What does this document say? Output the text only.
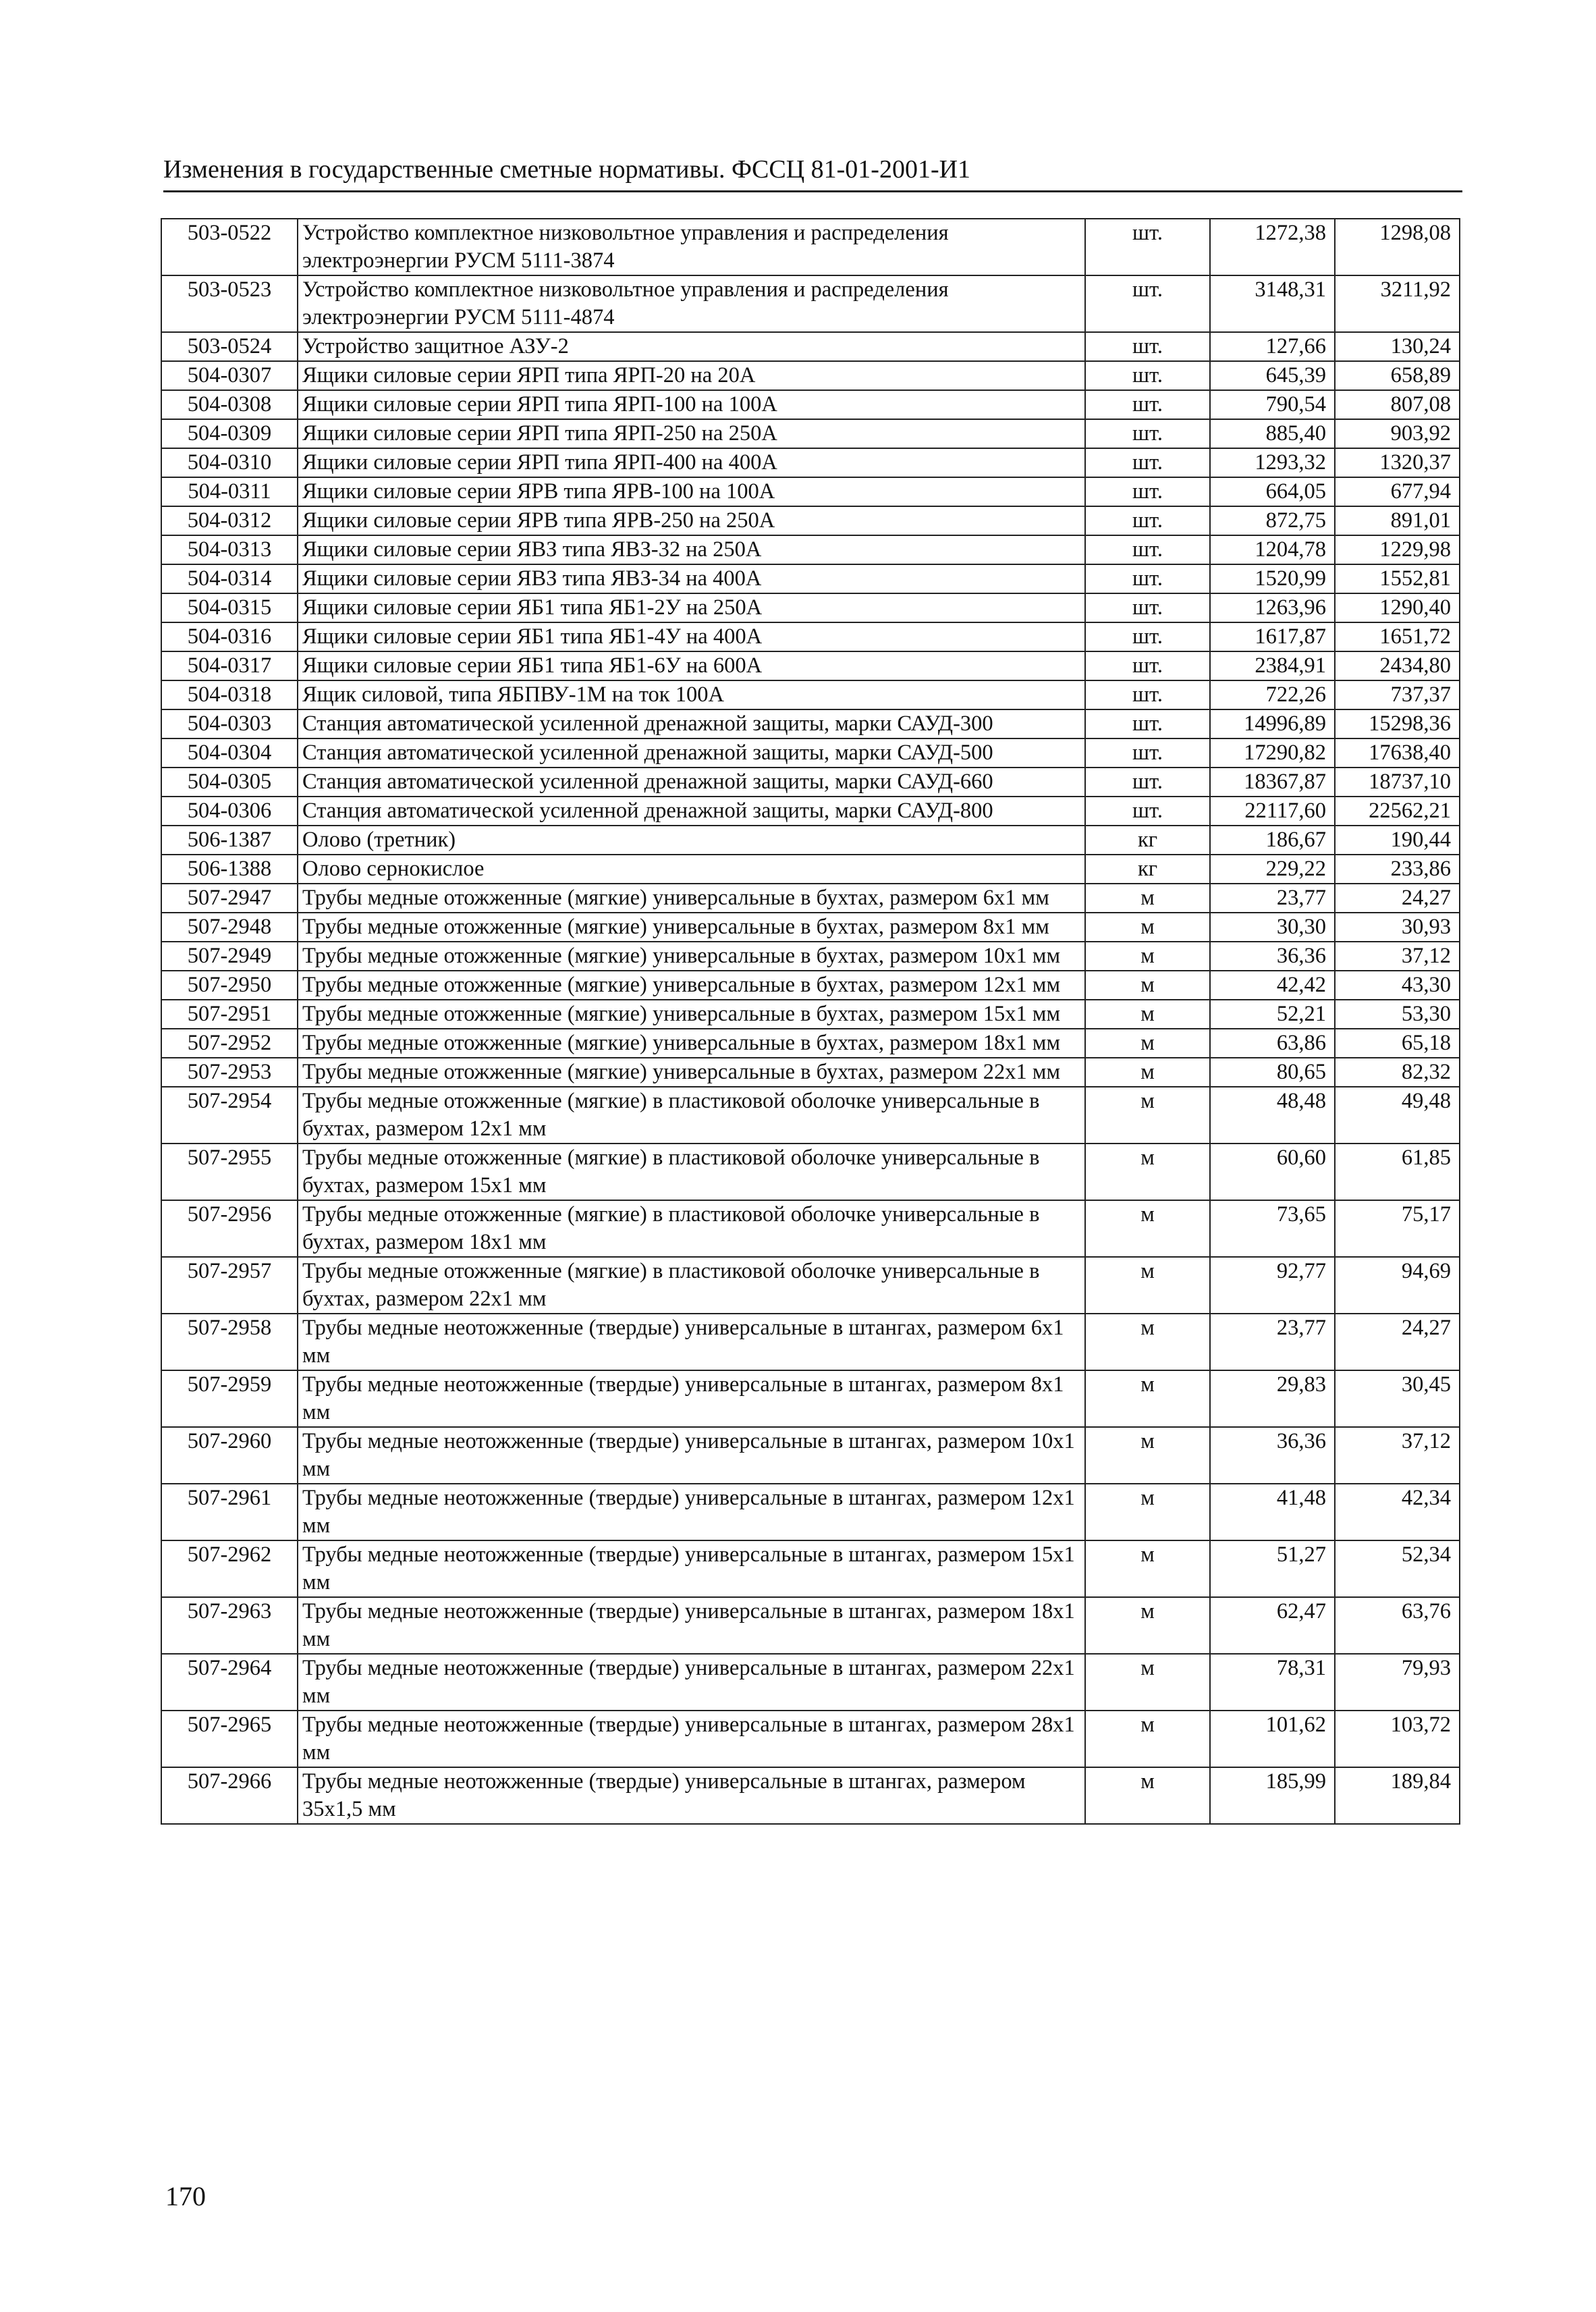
Изменения в государственные сметные нормативы. ФССЦ 81-01-2001-И1
503-0522	Устройство комплектное низковольтное управления и распределения электроэнергии РУСМ 5111-3874	шт.	1272,38	1298,08
503-0523	Устройство комплектное низковольтное управления и распределения электроэнергии РУСМ 5111-4874	шт.	3148,31	3211,92
503-0524	Устройство защитное АЗУ-2	шт.	127,66	130,24
504-0307	Ящики силовые серии ЯРП типа ЯРП-20 на 20А	шт.	645,39	658,89
504-0308	Ящики силовые серии ЯРП типа ЯРП-100 на 100А	шт.	790,54	807,08
504-0309	Ящики силовые серии ЯРП типа ЯРП-250 на 250А	шт.	885,40	903,92
504-0310	Ящики силовые серии ЯРП типа ЯРП-400 на 400А	шт.	1293,32	1320,37
504-0311	Ящики силовые серии ЯРВ типа ЯРВ-100 на 100А	шт.	664,05	677,94
504-0312	Ящики силовые серии ЯРВ типа ЯРВ-250 на 250А	шт.	872,75	891,01
504-0313	Ящики силовые серии ЯВЗ типа ЯВЗ-32 на 250А	шт.	1204,78	1229,98
504-0314	Ящики силовые серии ЯВЗ типа ЯВЗ-34 на 400А	шт.	1520,99	1552,81
504-0315	Ящики силовые серии ЯБ1 типа ЯБ1-2У на 250А	шт.	1263,96	1290,40
504-0316	Ящики силовые серии ЯБ1 типа ЯБ1-4У на 400А	шт.	1617,87	1651,72
504-0317	Ящики силовые серии ЯБ1 типа ЯБ1-6У на 600А	шт.	2384,91	2434,80
504-0318	Ящик силовой, типа ЯБПВУ-1М на ток 100А	шт.	722,26	737,37
504-0303	Станция автоматической усиленной дренажной защиты, марки САУД-300	шт.	14996,89	15298,36
504-0304	Станция автоматической усиленной дренажной защиты, марки САУД-500	шт.	17290,82	17638,40
504-0305	Станция автоматической усиленной дренажной защиты, марки САУД-660	шт.	18367,87	18737,10
504-0306	Станция автоматической усиленной дренажной защиты, марки САУД-800	шт.	22117,60	22562,21
506-1387	Олово (третник)	кг	186,67	190,44
506-1388	Олово сернокислое	кг	229,22	233,86
507-2947	Трубы медные отожженные (мягкие) универсальные в бухтах, размером 6x1 мм	м	23,77	24,27
507-2948	Трубы медные отожженные (мягкие) универсальные в бухтах, размером 8x1 мм	м	30,30	30,93
507-2949	Трубы медные отожженные (мягкие) универсальные в бухтах, размером 10x1 мм	м	36,36	37,12
507-2950	Трубы медные отожженные (мягкие) универсальные в бухтах, размером 12x1 мм	м	42,42	43,30
507-2951	Трубы медные отожженные (мягкие) универсальные в бухтах, размером 15x1 мм	м	52,21	53,30
507-2952	Трубы медные отожженные (мягкие) универсальные в бухтах, размером 18x1 мм	м	63,86	65,18
507-2953	Трубы медные отожженные (мягкие) универсальные в бухтах, размером 22x1 мм	м	80,65	82,32
507-2954	Трубы медные отожженные (мягкие) в пластиковой оболочке универсальные в бухтах, размером 12x1 мм	м	48,48	49,48
507-2955	Трубы медные отожженные (мягкие) в пластиковой оболочке универсальные в бухтах, размером 15x1 мм	м	60,60	61,85
507-2956	Трубы медные отожженные (мягкие) в пластиковой оболочке универсальные в бухтах, размером 18x1 мм	м	73,65	75,17
507-2957	Трубы медные отожженные (мягкие) в пластиковой оболочке универсальные в бухтах, размером 22x1 мм	м	92,77	94,69
507-2958	Трубы медные неотожженные (твердые) универсальные в штангах, размером 6x1 мм	м	23,77	24,27
507-2959	Трубы медные неотожженные (твердые) универсальные в штангах, размером 8x1 мм	м	29,83	30,45
507-2960	Трубы медные неотожженные (твердые) универсальные в штангах, размером 10x1 мм	м	36,36	37,12
507-2961	Трубы медные неотожженные (твердые) универсальные в штангах, размером 12x1 мм	м	41,48	42,34
507-2962	Трубы медные неотожженные (твердые) универсальные в штангах, размером 15x1 мм	м	51,27	52,34
507-2963	Трубы медные неотожженные (твердые) универсальные в штангах, размером 18x1 мм	м	62,47	63,76
507-2964	Трубы медные неотожженные (твердые) универсальные в штангах, размером 22x1 мм	м	78,31	79,93
507-2965	Трубы медные неотожженные (твердые) универсальные в штангах, размером 28x1 мм	м	101,62	103,72
507-2966	Трубы медные неотожженные (твердые) универсальные в штангах, размером 35x1,5 мм	м	185,99	189,84
170
